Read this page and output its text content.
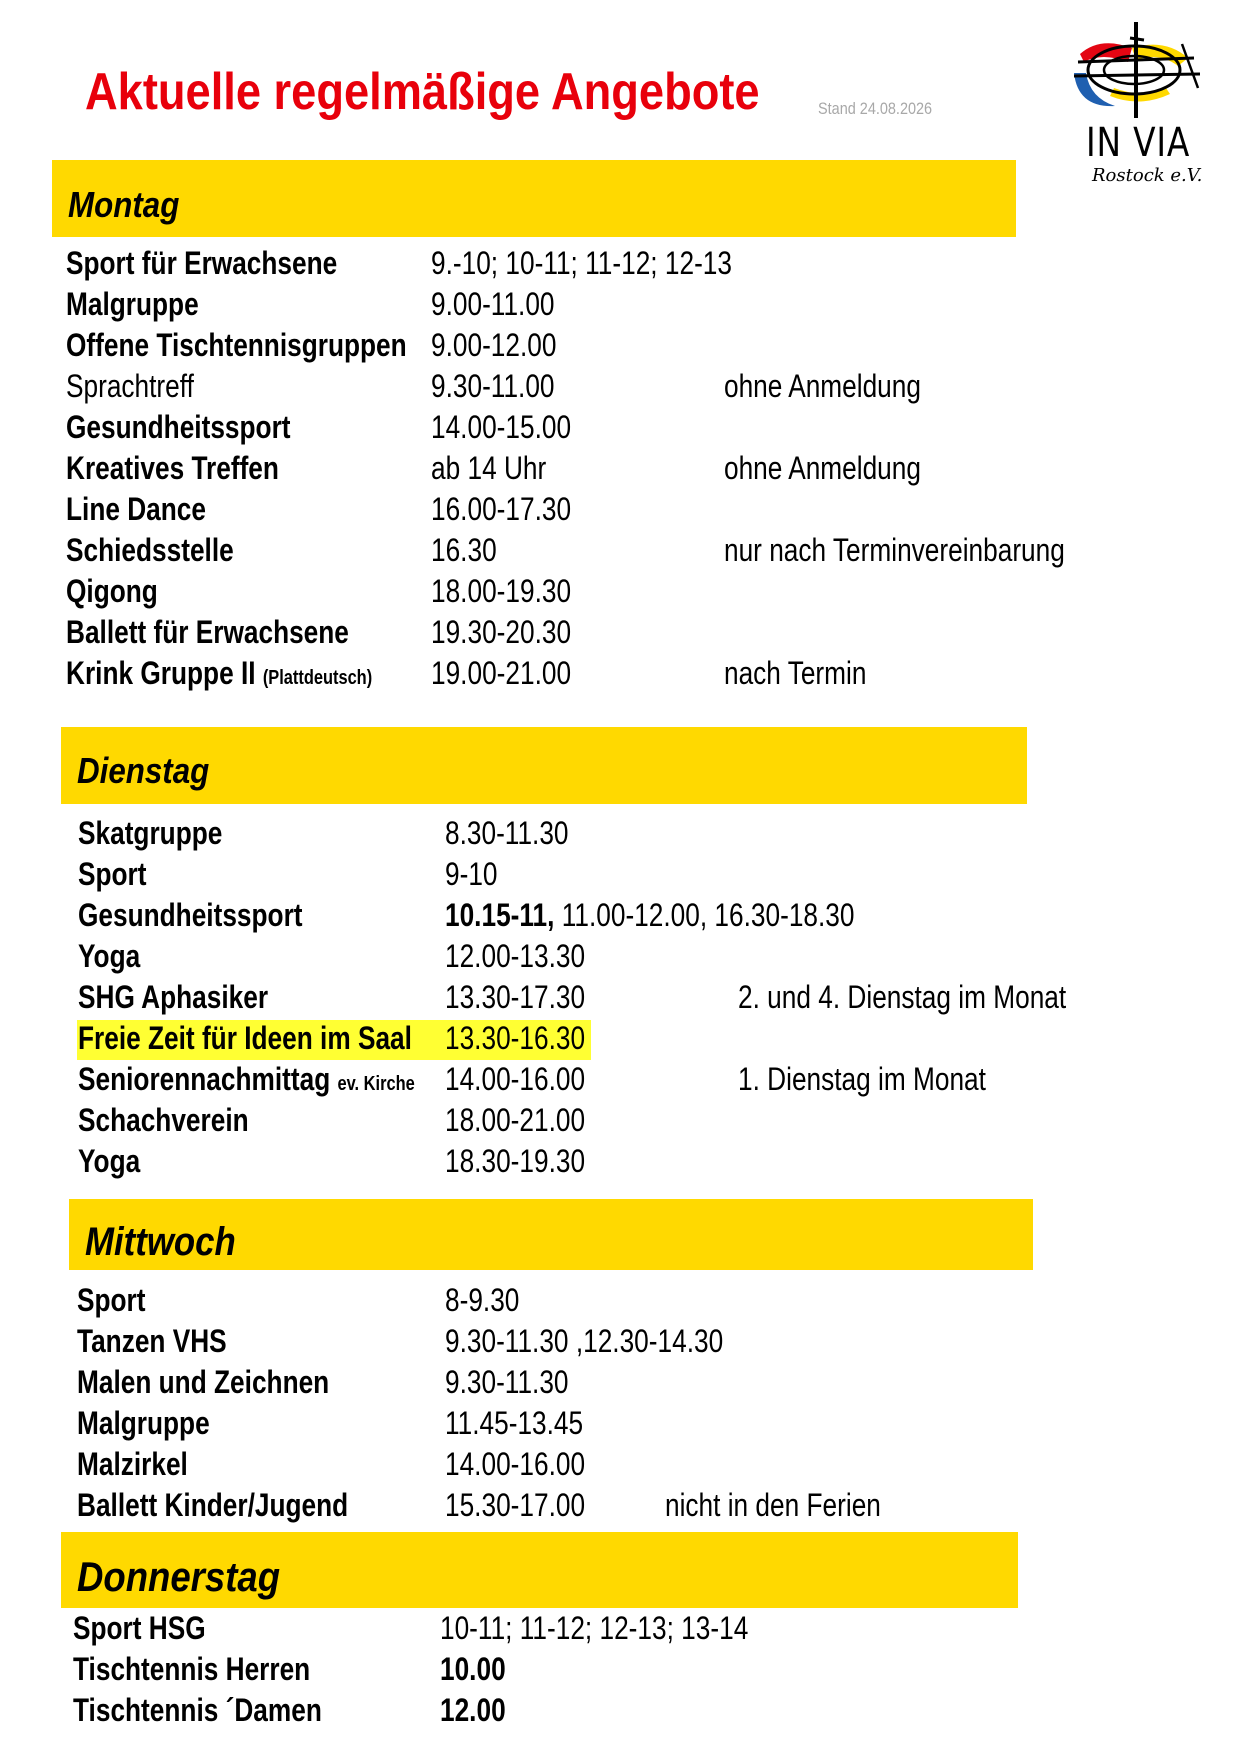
Aktuelle regelmäßige Angebote	Stand 24.08.2026
IN VIA
Rostock e.V.
Montag
Sport für Erwachsene	9.-10; 10-11; 11-12; 12-13
Malgruppe	9.00-11.00
Offene Tischtennisgruppen 9.00-12.00
Sprachtreff	9.30-11.00	ohne Anmeldung
Gesundheitssport	14.00-15.00
Kreatives Treffen	ab 14 Uhr	ohne Anmeldung
Line Dance	16.00-17.30
Schiedsstelle	16.30	nur nach Terminvereinbarung
Qigong	18.00-19.30
Ballett für Erwachsene	19.30-20.30
Krink Gruppe II (Plattdeutsch) 19.00-21.00	nach Termin
Dienstag
Skatgruppe	8.30-11.30
Sport	9-10
Gesundheitssport	10.15-11, 11.00-12.00, 16.30-18.30
Yoga	12.00-13.30
SHG Aphasiker	13.30-17.30	2. und 4. Dienstag im Monat
Freie Zeit für Ideen im Saal 13.30-16.30
Seniorennachmittag ev. Kirche 14.00-16.00	1. Dienstag im Monat
Schachverein	18.00-21.00
Yoga	18.30-19.30
Mittwoch
Sport	8-9.30
Tanzen VHS	9.30-11.30 ,12.30-14.30
Malen und Zeichnen	9.30-11.30
Malgruppe	11.45-13.45
Malzirkel	14.00-16.00
Ballett Kinder/Jugend	15.30-17.00 nicht in den Ferien
Donnerstag
Sport HSG	10-11; 11-12; 12-13; 13-14
Tischtennis Herren	10.00
Tischtennis ´Damen	12.00
